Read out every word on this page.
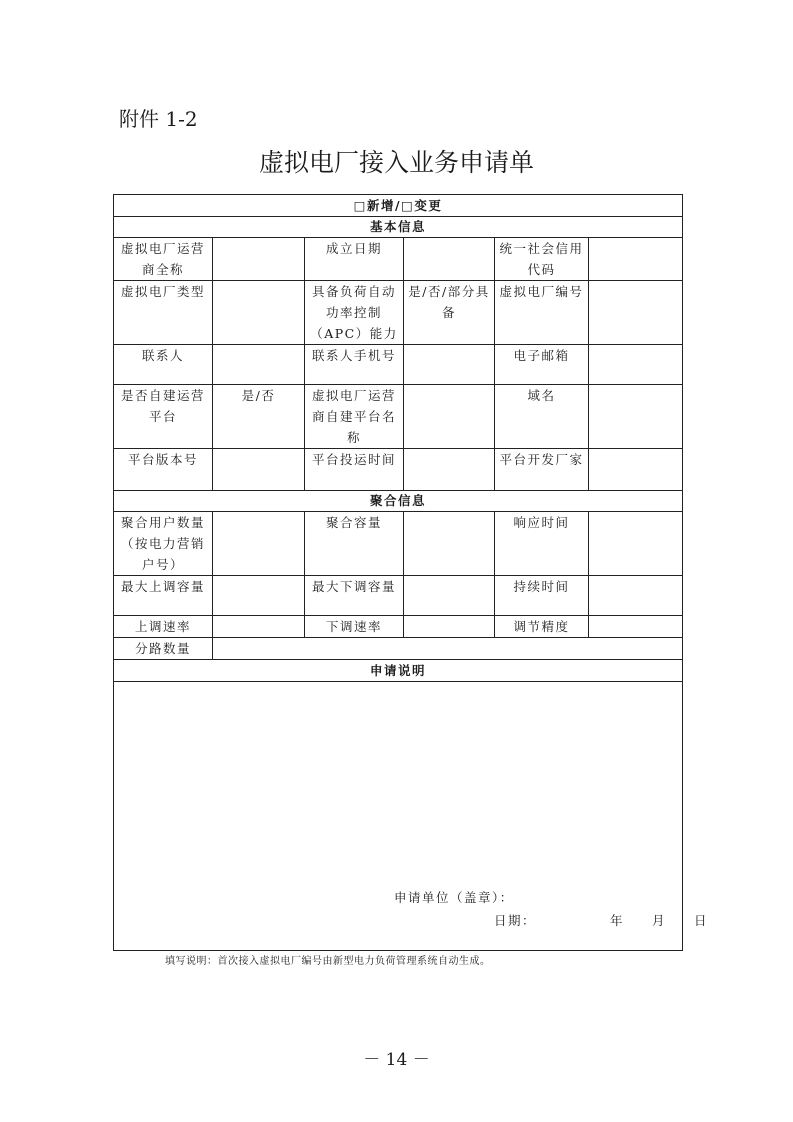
附件 1-2
虚拟电厂接入业务申请单
□新增/□变更					
基本信息					
虚拟电厂运营商全称		成立日期		统一社会信用代码	
虚拟电厂类型		具备负荷自动功率控制（APC）能力	是/否/部分具备	虚拟电厂编号	
联系人		联系人手机号		电子邮箱	
是否自建运营平台	是/否	虚拟电厂运营商自建平台名称		域名	
平台版本号		平台投运时间		平台开发厂家	
聚合信息					
聚合用户数量（按电力营销户号）		聚合容量		响应时间	
最大上调容量		最大下调容量		持续时间	
上调速率		下调速率		调节精度	
分路数量					
申请说明					

申请单位（盖章）：
日期： 年 月 日					
填写说明：首次接入虚拟电厂编号由新型电力负荷管理系统自动生成。
－ 14 －
